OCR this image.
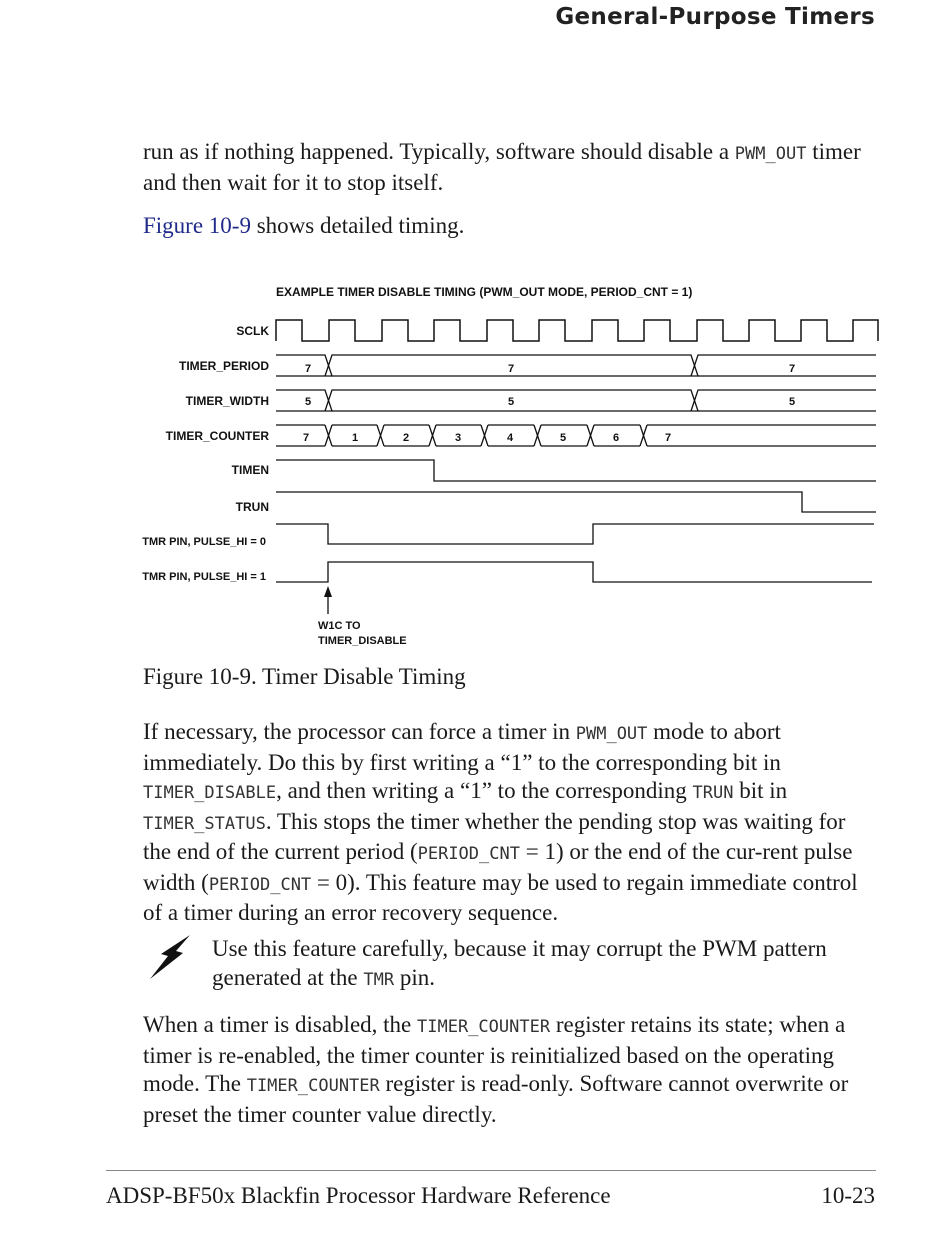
General-Purpose Timers
run as if nothing happened. Typically, software should disable a PWM_OUT timer and then wait for it to stop itself.
Figure 10-9 shows detailed timing.
EXAMPLE TIMER DISABLE TIMING (PWM_OUT MODE, PERIOD_CNT = 1)
SCLK
TIMER_PERIOD
TIMER_WIDTH
TIMER_COUNTER
TIMEN
TRUN
TMR PIN, PULSE_HI = 0
TMR PIN, PULSE_HI = 1
7	7	7
5	5	5
7	1	2	3	4	5	6	7
W1C TO
TIMER_DISABLE
Figure 10-9. Timer Disable Timing
If necessary, the processor can force a timer in PWM_OUT mode to abort immediately. Do this by first writing a “1” to the corresponding bit in TIMER_DISABLE, and then writing a “1” to the corresponding TRUN bit in TIMER_STATUS. This stops the timer whether the pending stop was waiting for the end of the current period (PERIOD_CNT = 1) or the end of the cur-rent pulse width (PERIOD_CNT = 0). This feature may be used to regain immediate control of a timer during an error recovery sequence.
Use this feature carefully, because it may corrupt the PWM pattern generated at the TMR pin.
When a timer is disabled, the TIMER_COUNTER register retains its state; when a timer is re-enabled, the timer counter is reinitialized based on the operating mode. The TIMER_COUNTER register is read-only. Software cannot overwrite or preset the timer counter value directly.
ADSP-BF50x Blackfin Processor Hardware Reference	10-23
